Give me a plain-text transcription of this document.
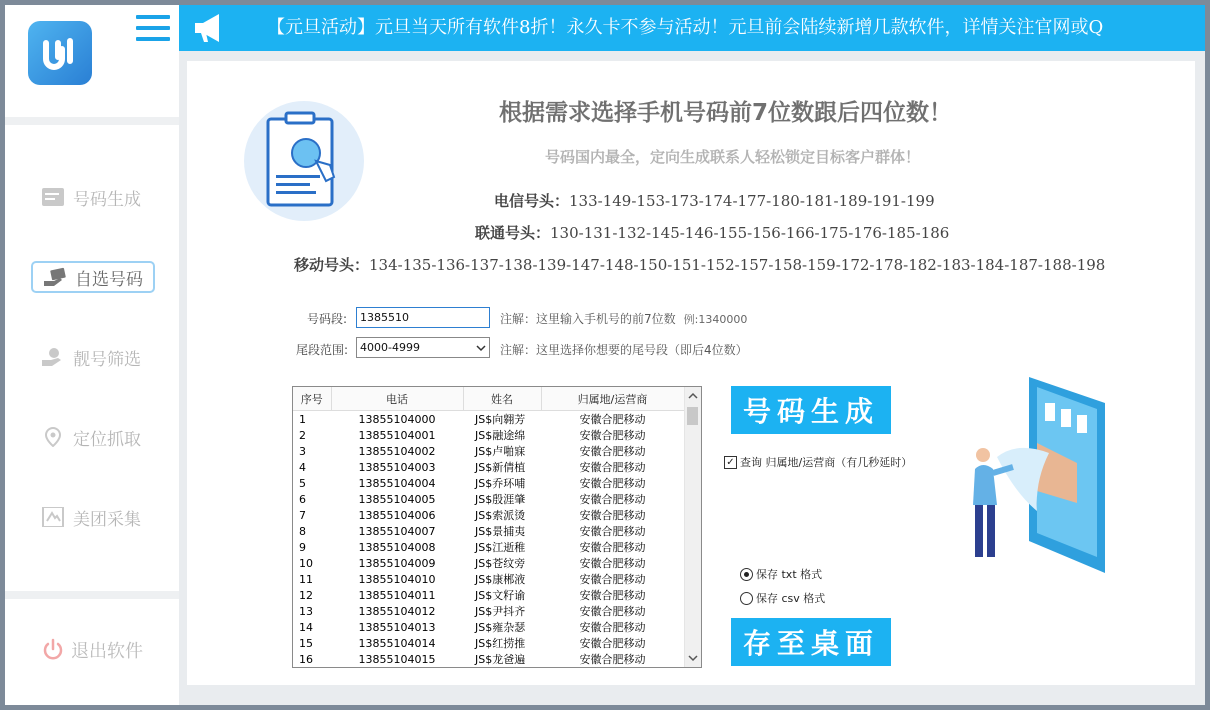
号码生成
自选号码
靓号筛选
定位抓取
美团采集
退出软件
【元旦活动】元旦当天所有软件8折！永久卡不参与活动！元旦前会陆续新增几款软件，详情关注官网或Q
根据需求选择手机号码前7位数跟后四位数！
号码国内最全，定向生成联系人轻松锁定目标客户群体！
电信号头：133-149-153-173-174-177-180-181-189-191-199
联通号头：130-131-132-145-146-155-156-166-175-176-185-186
移动号头：134-135-136-137-138-139-147-148-150-151-152-157-158-159-172-178-182-183-184-187-188-198
号码段:
1385510	注解：这里输入手机号的前7位数 例:1340000
尾段范围: 4000-4999	注解：这里选择你想要的尾号段（即后4位数）
序号	电话	姓名	归属地/运营商
1	13855104000	JS$向翱芳	安徽合肥移动
2	13855104001	JS$融途绵	安徽合肥移动
3	13855104002	JS$卢啪寐	安徽合肥移动
4	13855104003	JS$新倩植	安徽合肥移动
5	13855104004	JS$乔环哺	安徽合肥移动
6	13855104005	JS$殷涯肇	安徽合肥移动
7	13855104006	JS$索派烫	安徽合肥移动
8	13855104007	JS$景捕夷	安徽合肥移动
9	13855104008	JS$江逝稚	安徽合肥移动
10	13855104009	JS$苍纹旁	安徽合肥移动
11	13855104010	JS$康郴液	安徽合肥移动
12	13855104011	JS$文籽谕	安徽合肥移动
13	13855104012	JS$尹抖齐	安徽合肥移动
14	13855104013	JS$雍杂瑟	安徽合肥移动
15	13855104014	JS$红捞推	安徽合肥移动
16	13855104015	JS$龙爸遍	安徽合肥移动
号码生成
✓ 查询 归属地/运营商（有几秒延时）
保存 txt 格式
保存 csv 格式
存至桌面
